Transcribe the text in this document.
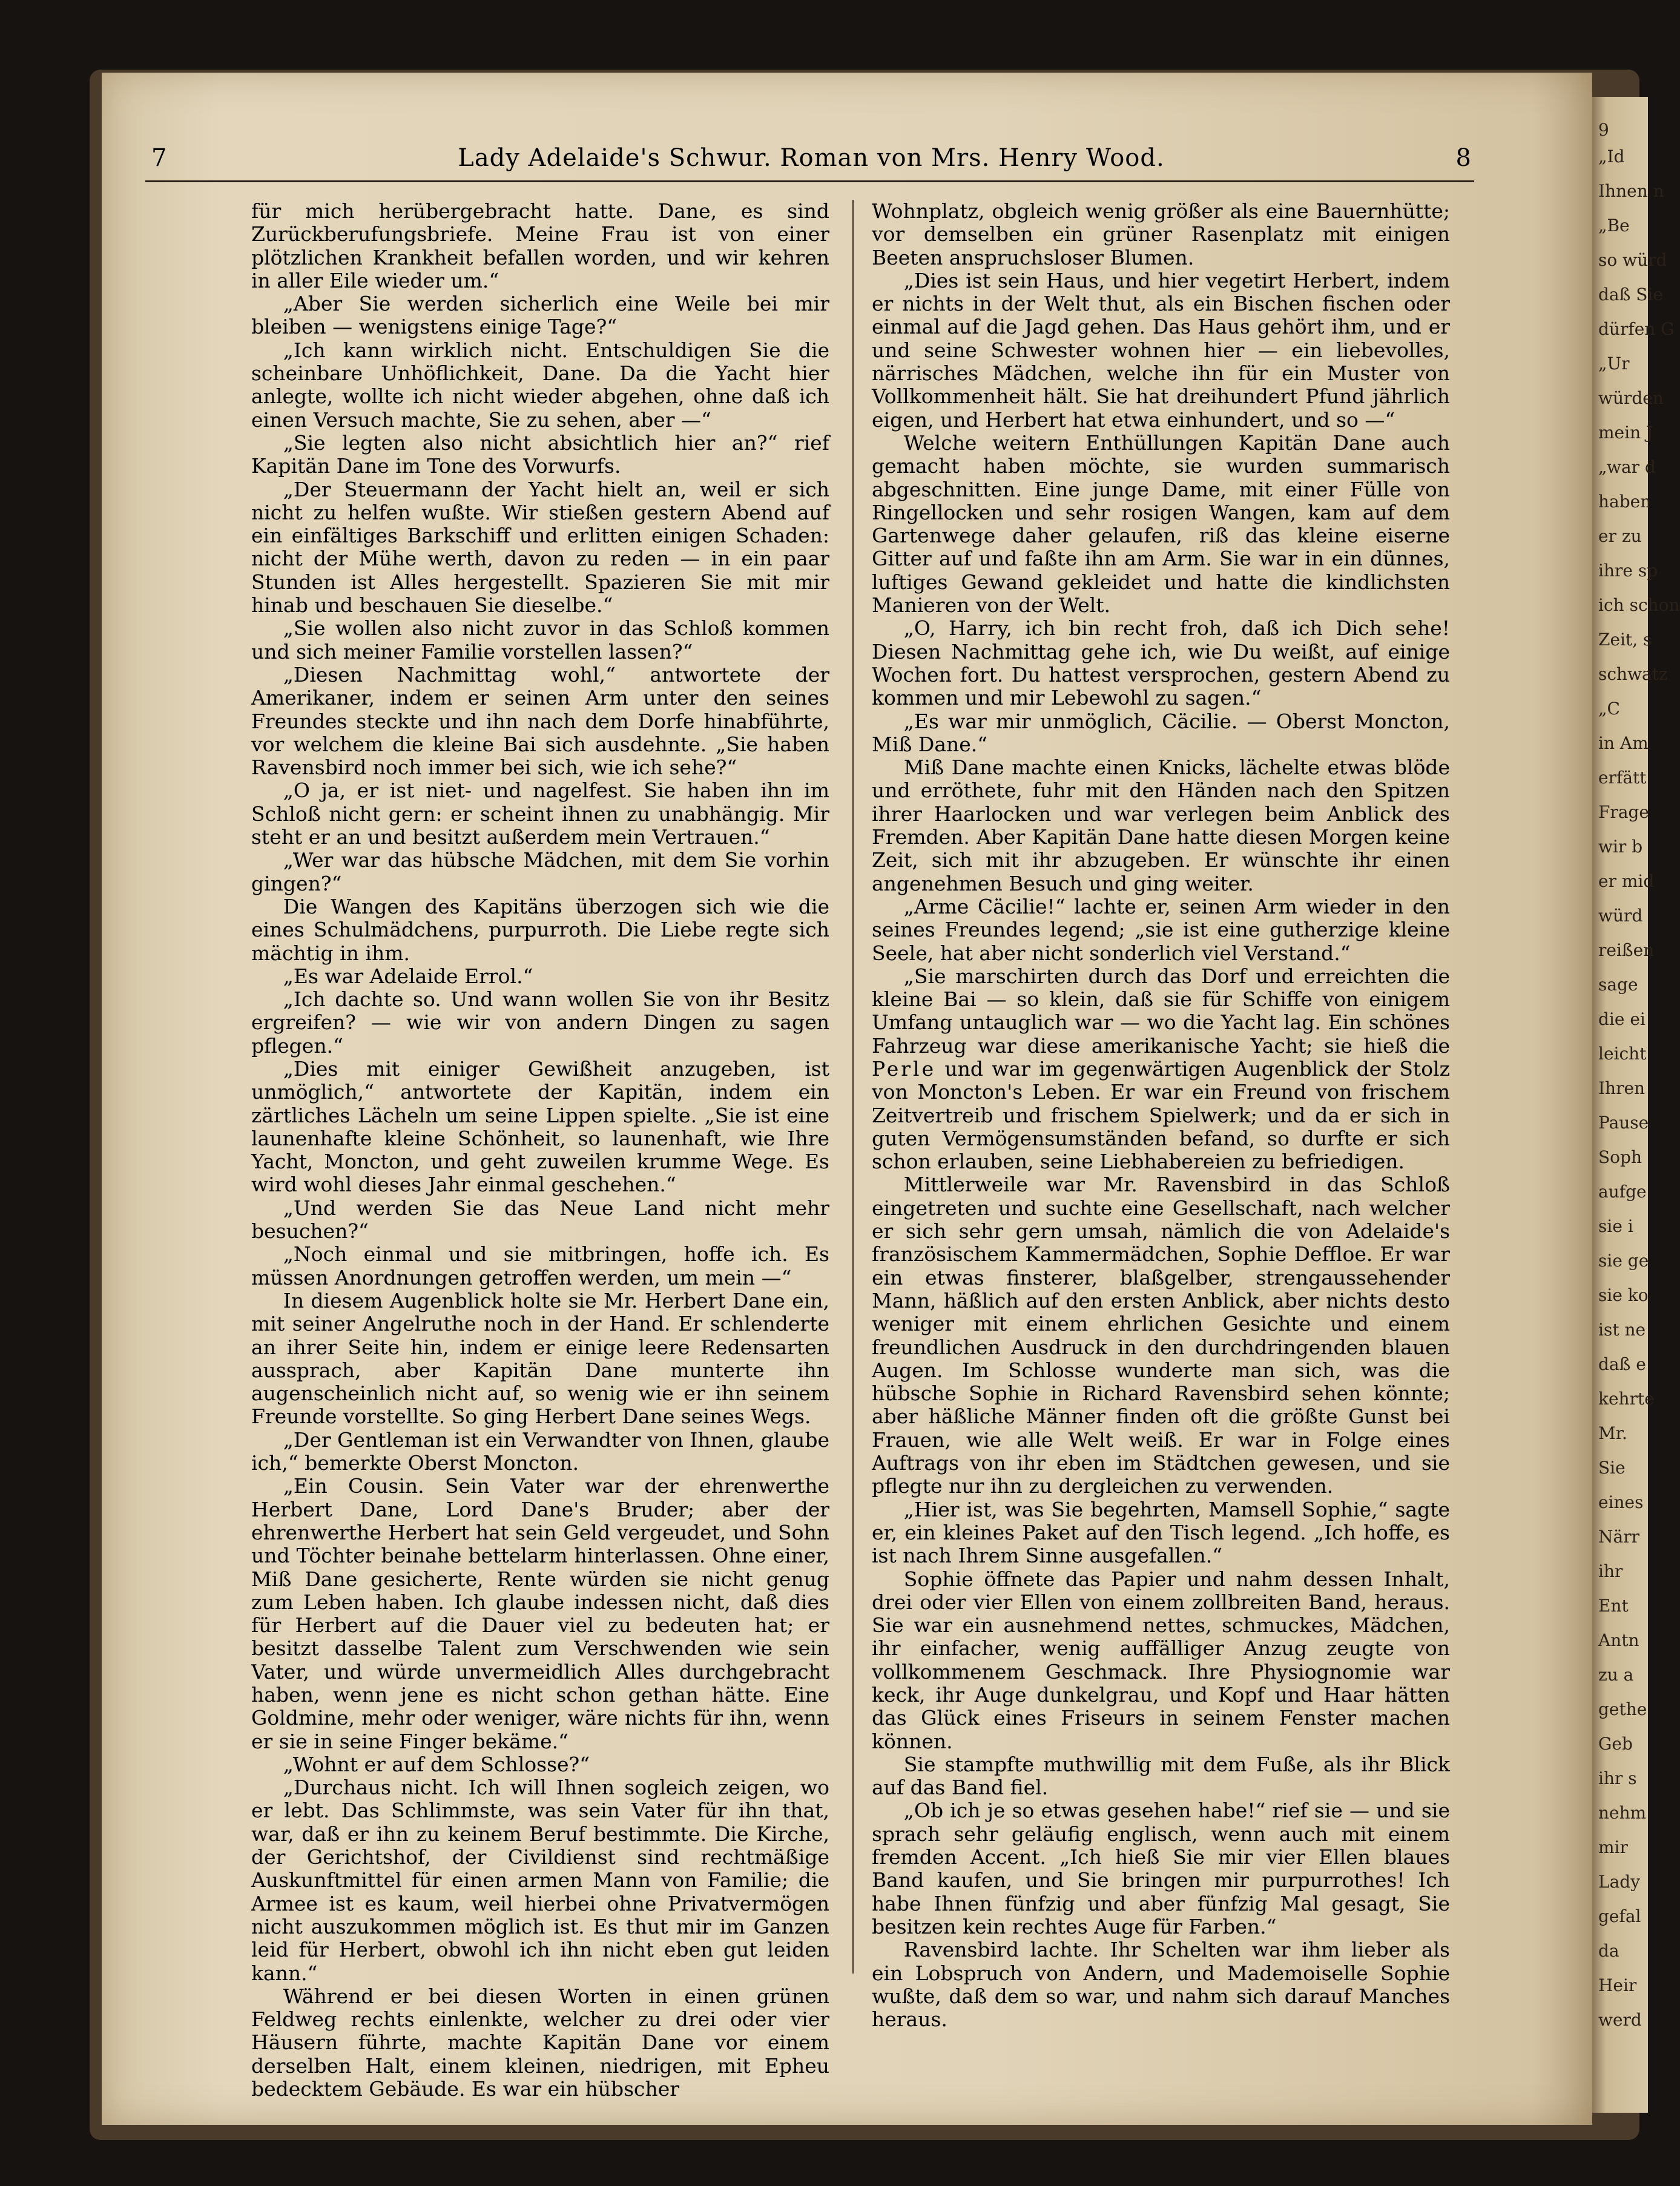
9
„Id
Ihnen n
„Be
so würd
daß Sie
dürfen G
„Ur
würden
mein J
„war d
haben
er zu
ihre sp
ich schon
Zeit, s
schwatz
„C
in Am
erfätt
Frage
wir b
er mid
würd
reißen
sage
die ei
leicht
Ihren
Pause
Soph
aufge
sie i
sie ge
sie ko
ist ne
daß e
kehrte
Mr.
Sie
eines
Närr
ihr
Ent
Antn
zu a
gethe
Geb
ihr s
nehm
mir
Lady
gefal
da
Heir
werd
7	Lady Adelaide's Schwur. Roman von Mrs. Henry Wood.	8

für mich herübergebracht hatte. Dane, es sind Zurückberufungsbriefe. Meine Frau ist von einer plötzlichen Krankheit befallen worden, und wir kehren in aller Eile wieder um.“

„Aber Sie werden sicherlich eine Weile bei mir bleiben — wenigstens einige Tage?“

„Ich kann wirklich nicht. Entschuldigen Sie die scheinbare Unhöflichkeit, Dane. Da die Yacht hier anlegte, wollte ich nicht wieder abgehen, ohne daß ich einen Versuch machte, Sie zu sehen, aber —“

„Sie legten also nicht absichtlich hier an?“ rief Kapitän Dane im Tone des Vorwurfs.

„Der Steuermann der Yacht hielt an, weil er sich nicht zu helfen wußte. Wir stießen gestern Abend auf ein einfältiges Barkschiff und erlitten einigen Schaden: nicht der Mühe werth, davon zu reden — in ein paar Stunden ist Alles hergestellt. Spazieren Sie mit mir hinab und beschauen Sie dieselbe.“

„Sie wollen also nicht zuvor in das Schloß kommen und sich meiner Familie vorstellen lassen?“

„Diesen Nachmittag wohl,“ antwortete der Amerikaner, indem er seinen Arm unter den seines Freundes steckte und ihn nach dem Dorfe hinabführte, vor welchem die kleine Bai sich ausdehnte. „Sie haben Ravensbird noch immer bei sich, wie ich sehe?“

„O ja, er ist niet- und nagelfest. Sie haben ihn im Schloß nicht gern: er scheint ihnen zu unabhängig. Mir steht er an und besitzt außerdem mein Vertrauen.“

„Wer war das hübsche Mädchen, mit dem Sie vorhin gingen?“

Die Wangen des Kapitäns überzogen sich wie die eines Schulmädchens, purpurroth. Die Liebe regte sich mächtig in ihm.

„Es war Adelaide Errol.“

„Ich dachte so. Und wann wollen Sie von ihr Besitz ergreifen? — wie wir von andern Dingen zu sagen pflegen.“

„Dies mit einiger Gewißheit anzugeben, ist unmöglich,“ antwortete der Kapitän, indem ein zärtliches Lächeln um seine Lippen spielte. „Sie ist eine launenhafte kleine Schönheit, so launenhaft, wie Ihre Yacht, Moncton, und geht zuweilen krumme Wege. Es wird wohl dieses Jahr einmal geschehen.“

„Und werden Sie das Neue Land nicht mehr besuchen?“

„Noch einmal und sie mitbringen, hoffe ich. Es müssen Anordnungen getroffen werden, um mein —“

In diesem Augenblick holte sie Mr. Herbert Dane ein, mit seiner Angelruthe noch in der Hand. Er schlenderte an ihrer Seite hin, indem er einige leere Redensarten aussprach, aber Kapitän Dane munterte ihn augenscheinlich nicht auf, so wenig wie er ihn seinem Freunde vorstellte. So ging Herbert Dane seines Wegs.

„Der Gentleman ist ein Verwandter von Ihnen, glaube ich,“ bemerkte Oberst Moncton.

„Ein Cousin. Sein Vater war der ehrenwerthe Herbert Dane, Lord Dane's Bruder; aber der ehrenwerthe Herbert hat sein Geld vergeudet, und Sohn und Töchter beinahe bettelarm hinterlassen. Ohne einer, Miß Dane gesicherte, Rente würden sie nicht genug zum Leben haben. Ich glaube indessen nicht, daß dies für Herbert auf die Dauer viel zu bedeuten hat; er besitzt dasselbe Talent zum Verschwenden wie sein Vater, und würde unvermeidlich Alles durchgebracht haben, wenn jene es nicht schon gethan hätte. Eine Goldmine, mehr oder weniger, wäre nichts für ihn, wenn er sie in seine Finger bekäme.“

„Wohnt er auf dem Schlosse?“

„Durchaus nicht. Ich will Ihnen sogleich zeigen, wo er lebt. Das Schlimmste, was sein Vater für ihn that, war, daß er ihn zu keinem Beruf bestimmte. Die Kirche, der Gerichtshof, der Civildienst sind rechtmäßige Auskunftmittel für einen armen Mann von Familie; die Armee ist es kaum, weil hierbei ohne Privatvermögen nicht auszukommen möglich ist. Es thut mir im Ganzen leid für Herbert, obwohl ich ihn nicht eben gut leiden kann.“

Während er bei diesen Worten in einen grünen Feldweg rechts einlenkte, welcher zu drei oder vier Häusern führte, machte Kapitän Dane vor einem derselben Halt, einem kleinen, niedrigen, mit Epheu bedecktem Gebäude. Es war ein hübscher

Wohnplatz, obgleich wenig größer als eine Bauernhütte; vor demselben ein grüner Rasenplatz mit einigen Beeten anspruchsloser Blumen.

„Dies ist sein Haus, und hier vegetirt Herbert, indem er nichts in der Welt thut, als ein Bischen fischen oder einmal auf die Jagd gehen. Das Haus gehört ihm, und er und seine Schwester wohnen hier — ein liebevolles, närrisches Mädchen, welche ihn für ein Muster von Vollkommenheit hält. Sie hat dreihundert Pfund jährlich eigen, und Herbert hat etwa einhundert, und so —“

Welche weitern Enthüllungen Kapitän Dane auch gemacht haben möchte, sie wurden summarisch abgeschnitten. Eine junge Dame, mit einer Fülle von Ringellocken und sehr rosigen Wangen, kam auf dem Gartenwege daher gelaufen, riß das kleine eiserne Gitter auf und faßte ihn am Arm. Sie war in ein dünnes, luftiges Gewand gekleidet und hatte die kindlichsten Manieren von der Welt.

„O, Harry, ich bin recht froh, daß ich Dich sehe! Diesen Nachmittag gehe ich, wie Du weißt, auf einige Wochen fort. Du hattest versprochen, gestern Abend zu kommen und mir Lebewohl zu sagen.“

„Es war mir unmöglich, Cäcilie. — Oberst Moncton, Miß Dane.“

Miß Dane machte einen Knicks, lächelte etwas blöde und erröthete, fuhr mit den Händen nach den Spitzen ihrer Haarlocken und war verlegen beim Anblick des Fremden. Aber Kapitän Dane hatte diesen Morgen keine Zeit, sich mit ihr abzugeben. Er wünschte ihr einen angenehmen Besuch und ging weiter.

„Arme Cäcilie!“ lachte er, seinen Arm wieder in den seines Freundes legend; „sie ist eine gutherzige kleine Seele, hat aber nicht sonderlich viel Verstand.“

„Sie marschirten durch das Dorf und erreichten die kleine Bai — so klein, daß sie für Schiffe von einigem Umfang untauglich war — wo die Yacht lag. Ein schönes Fahrzeug war diese amerikanische Yacht; sie hieß die Perle und war im gegenwärtigen Augenblick der Stolz von Moncton's Leben. Er war ein Freund von frischem Zeitvertreib und frischem Spielwerk; und da er sich in guten Vermögensumständen befand, so durfte er sich schon erlauben, seine Liebhabereien zu befriedigen.

Mittlerweile war Mr. Ravensbird in das Schloß eingetreten und suchte eine Gesellschaft, nach welcher er sich sehr gern umsah, nämlich die von Adelaide's französischem Kammermädchen, Sophie Deffloe. Er war ein etwas finsterer, blaßgelber, strengaussehender Mann, häßlich auf den ersten Anblick, aber nichts desto weniger mit einem ehrlichen Gesichte und einem freundlichen Ausdruck in den durchdringenden blauen Augen. Im Schlosse wunderte man sich, was die hübsche Sophie in Richard Ravensbird sehen könnte; aber häßliche Männer finden oft die größte Gunst bei Frauen, wie alle Welt weiß. Er war in Folge eines Auftrags von ihr eben im Städtchen gewesen, und sie pflegte nur ihn zu dergleichen zu verwenden.

„Hier ist, was Sie begehrten, Mamsell Sophie,“ sagte er, ein kleines Paket auf den Tisch legend. „Ich hoffe, es ist nach Ihrem Sinne ausgefallen.“

Sophie öffnete das Papier und nahm dessen Inhalt, drei oder vier Ellen von einem zollbreiten Band, heraus. Sie war ein ausnehmend nettes, schmuckes, Mädchen, ihr einfacher, wenig auffälliger Anzug zeugte von vollkommenem Geschmack. Ihre Physiognomie war keck, ihr Auge dunkelgrau, und Kopf und Haar hätten das Glück eines Friseurs in seinem Fenster machen können.

Sie stampfte muthwillig mit dem Fuße, als ihr Blick auf das Band fiel.

„Ob ich je so etwas gesehen habe!“ rief sie — und sie sprach sehr geläufig englisch, wenn auch mit einem fremden Accent. „Ich hieß Sie mir vier Ellen blaues Band kaufen, und Sie bringen mir purpurrothes! Ich habe Ihnen fünfzig und aber fünfzig Mal gesagt, Sie besitzen kein rechtes Auge für Farben.“

Ravensbird lachte. Ihr Schelten war ihm lieber als ein Lobspruch von Andern, und Mademoiselle Sophie wußte, daß dem so war, und nahm sich darauf Manches heraus.
